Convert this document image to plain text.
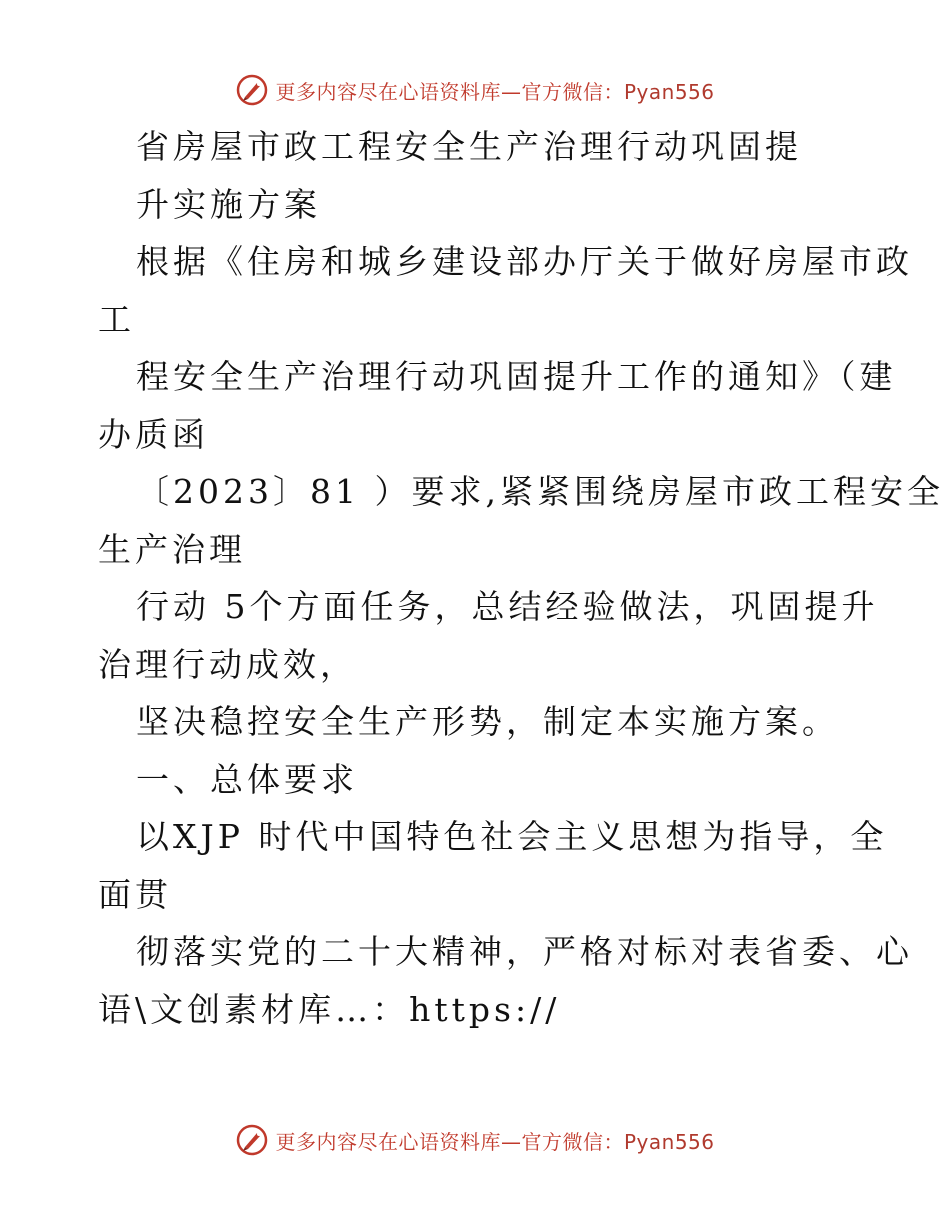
更多内容尽在心语资料库—官方微信：Pyan556
省房屋市政工程安全生产治理行动巩固提
升实施方案
根据《住房和城乡建设部办厅关于做好房屋市政
工
程安全生产治理行动巩固提升工作的通知》（建
办质函
〔2023〕81 ）要求,紧紧围绕房屋市政工程安全
生产治理
行动 5个方面任务，总结经验做法，巩固提升
治理行动成效，
坚决稳控安全生产形势，制定本实施方案。
一、总体要求
以XJP 时代中国特色社会主义思想为指导，全
面贯
彻落实党的二十大精神，严格对标对表省委、心
语\文创素材库…：https://
更多内容尽在心语资料库—官方微信：Pyan556
